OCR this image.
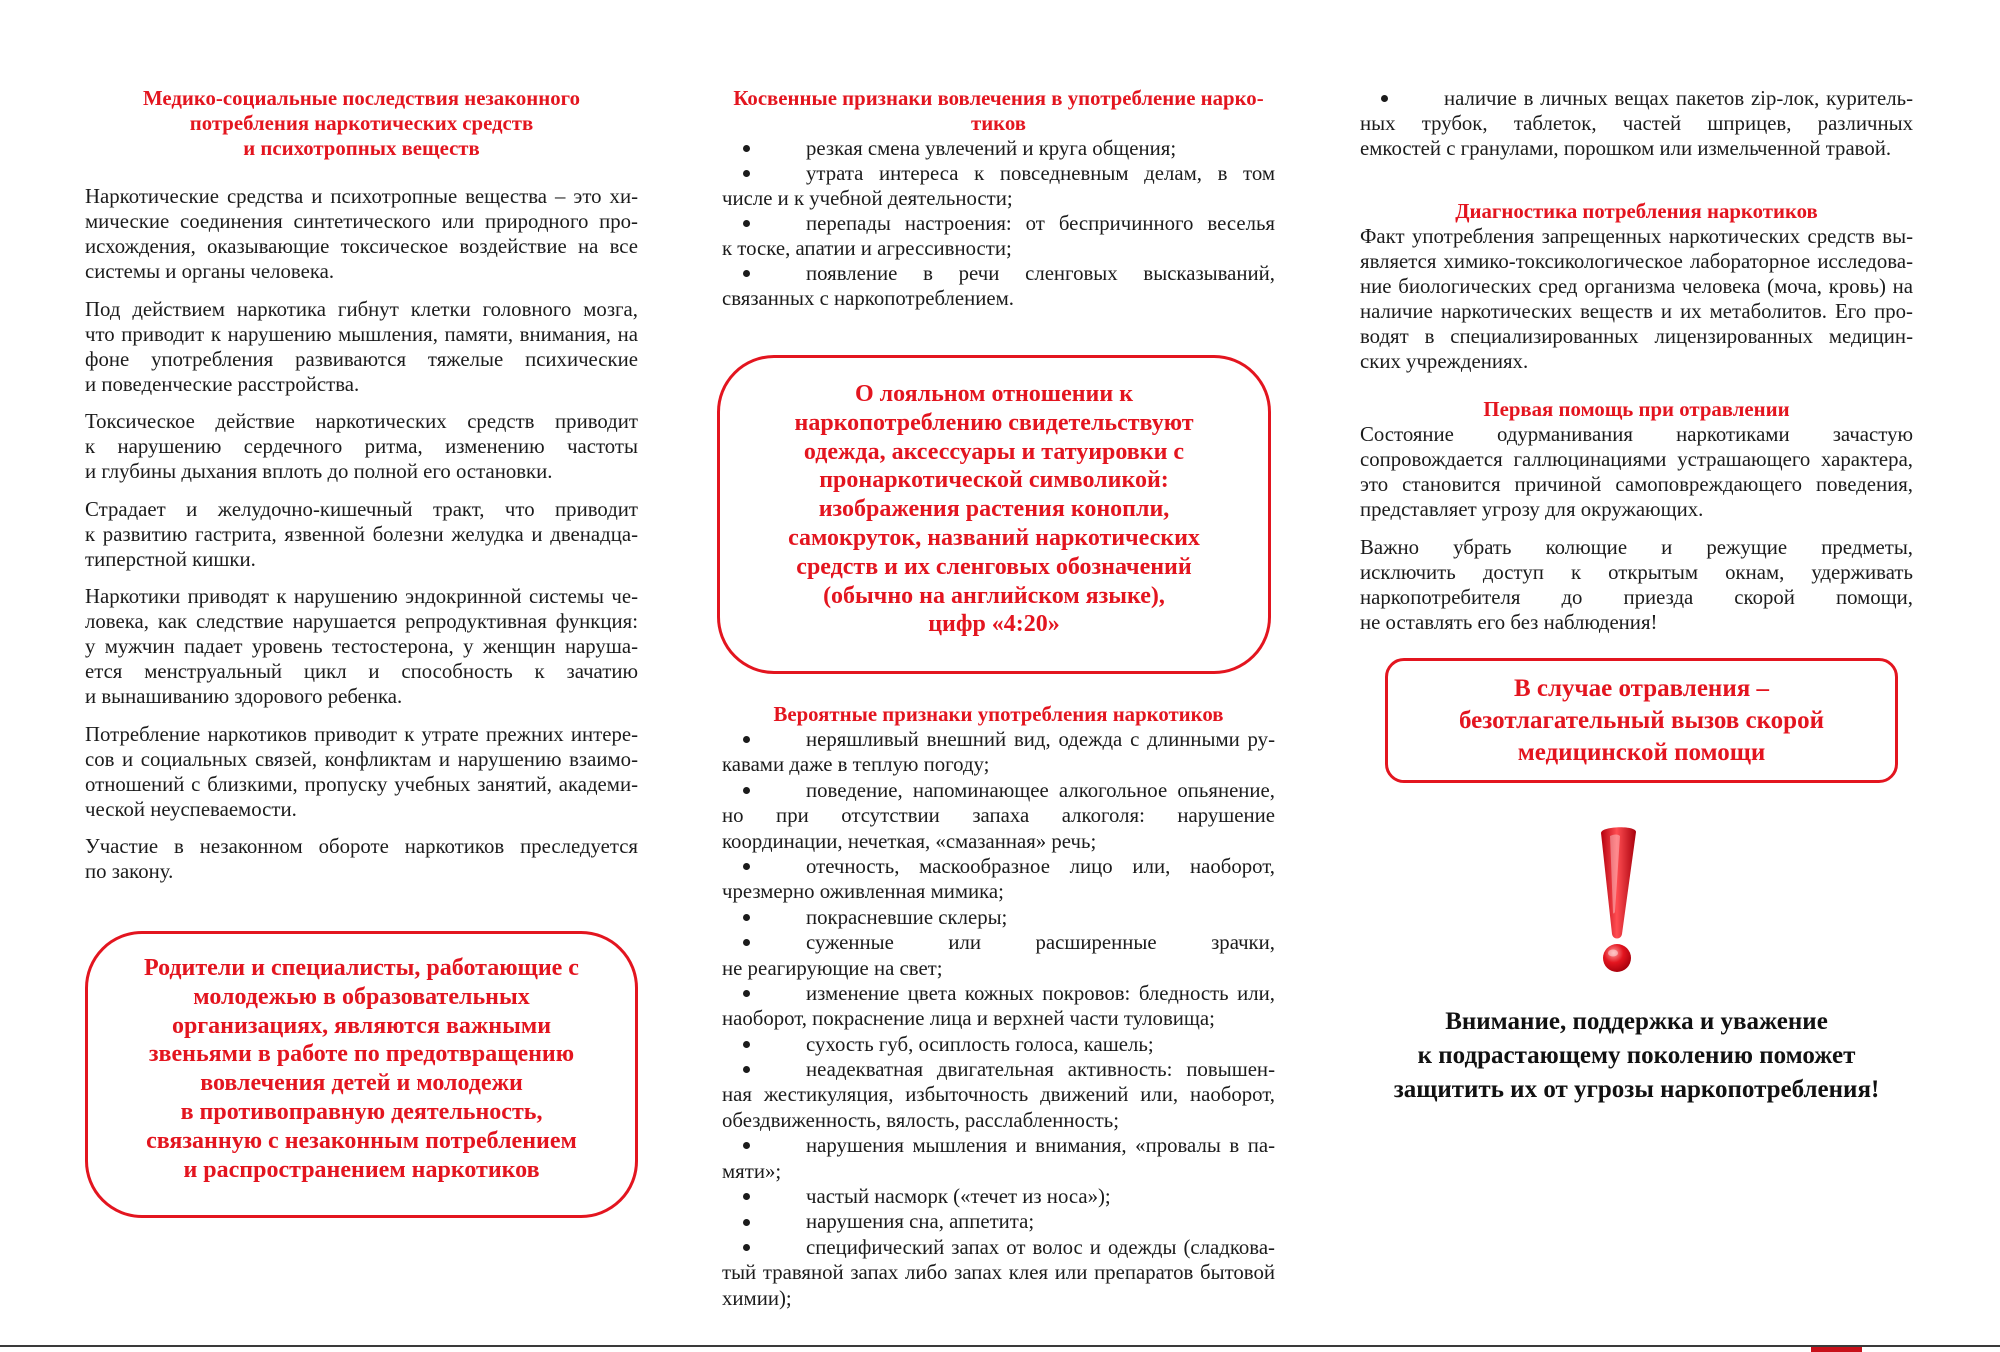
Медико-социальные последствия незаконного
потребления наркотических средств
и психотропных веществ
Наркотические средства и психотропные вещества – это хи-
мические соединения синтетического или природного про-
исхождения, оказывающие токсическое воздействие на все
системы и органы человека.
Под действием наркотика гибнут клетки головного мозга,
что приводит к нарушению мышления, памяти, внимания, на
фоне употребления развиваются тяжелые психические
и поведенческие расстройства.
Токсическое действие наркотических средств приводит
к нарушению сердечного ритма, изменению частоты
и глубины дыхания вплоть до полной его остановки.
Страдает и желудочно-кишечный тракт, что приводит
к развитию гастрита, язвенной болезни желудка и двенадца-
типерстной кишки.
Наркотики приводят к нарушению эндокринной системы че-
ловека, как следствие нарушается репродуктивная функция:
у мужчин падает уровень тестостерона, у женщин наруша-
ется менструальный цикл и способность к зачатию
и вынашиванию здорового ребенка.
Потребление наркотиков приводит к утрате прежних интере-
сов и социальных связей, конфликтам и нарушению взаимо-
отношений с близкими, пропуску учебных занятий, академи-
ческой неуспеваемости.
Участие в незаконном обороте наркотиков преследуется
по закону.
Родители и специалисты, работающие с
молодежью в образовательных
организациях, являются важными
звеньями в работе по предотвращению
вовлечения детей и молодежи
в противоправную деятельность,
связанную с незаконным потреблением
и распространением наркотиков
Косвенные признаки вовлечения в употребление нарко-
тиков
резкая смена увлечений и круга общения;
утрата интереса к повседневным делам, в том
числе и к учебной деятельности;
перепады настроения: от беспричинного веселья
к тоске, апатии и агрессивности;
появление в речи сленговых высказываний,
связанных с наркопотреблением.
О лояльном отношении к
наркопотреблению свидетельствуют
одежда, аксессуары и татуировки с
пронаркотической символикой:
изображения растения конопли,
самокруток, названий наркотических
средств и их сленговых обозначений
(обычно на английском языке),
цифр «4:20»
Вероятные признаки употребления наркотиков
неряшливый внешний вид, одежда с длинными ру-
кавами даже в теплую погоду;
поведение, напоминающее алкогольное опьянение,
но при отсутствии запаха алкоголя: нарушение
координации, нечеткая, «смазанная» речь;
отечность, маскообразное лицо или, наоборот,
чрезмерно оживленная мимика;
покрасневшие склеры;
суженные или расширенные зрачки,
не реагирующие на свет;
изменение цвета кожных покровов: бледность или,
наоборот, покраснение лица и верхней части туловища;
сухость губ, осиплость голоса, кашель;
неадекватная двигательная активность: повышен-
ная жестикуляция, избыточность движений или, наоборот,
обездвиженность, вялость, расслабленность;
нарушения мышления и внимания, «провалы в па-
мяти»;
частый насморк («течет из носа»);
нарушения сна, аппетита;
специфический запах от волос и одежды (сладкова-
тый травяной запах либо запах клея или препаратов бытовой
химии);
наличие в личных вещах пакетов zip-лок, куритель-
ных трубок, таблеток, частей шприцев, различных
емкостей с гранулами, порошком или измельченной травой.
Диагностика потребления наркотиков
Факт употребления запрещенных наркотических средств вы-
является химико-токсикологическое лабораторное исследова-
ние биологических сред организма человека (моча, кровь) на
наличие наркотических веществ и их метаболитов. Его про-
водят в специализированных лицензированных медицин-
ских учреждениях.
Первая помощь при отравлении
Состояние одурманивания наркотиками зачастую
сопровождается галлюцинациями устрашающего характера,
это становится причиной самоповреждающего поведения,
представляет угрозу для окружающих.
Важно убрать колющие и режущие предметы,
исключить доступ к открытым окнам, удерживать
наркопотребителя до приезда скорой помощи,
не оставлять его без наблюдения!
В случае отравления –
безотлагательный вызов скорой
медицинской помощи
Внимание, поддержка и уважение
к подрастающему поколению поможет
защитить их от угрозы наркопотребления!
